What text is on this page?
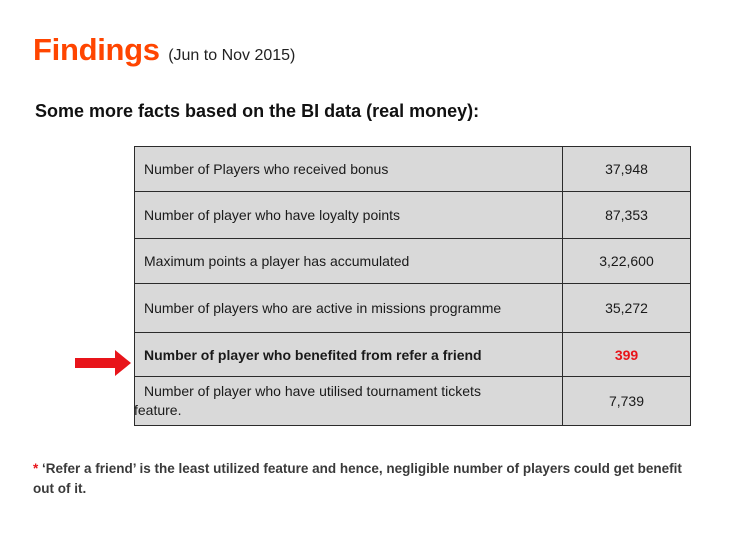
Findings (Jun to Nov 2015)
Some more facts based on the BI data (real money):
Number of Players who received bonus	37,948
Number of player who have loyalty points	87,353
Maximum points a player has accumulated	3,22,600
Number of players who are active in missions programme	35,272
Number of player who benefited from refer a friend	399

Number of player who have utilised tournament tickets
feature.	7,739
* ‘Refer a friend’ is the least utilized feature and hence, negligible number of players could get benefit out of it.
